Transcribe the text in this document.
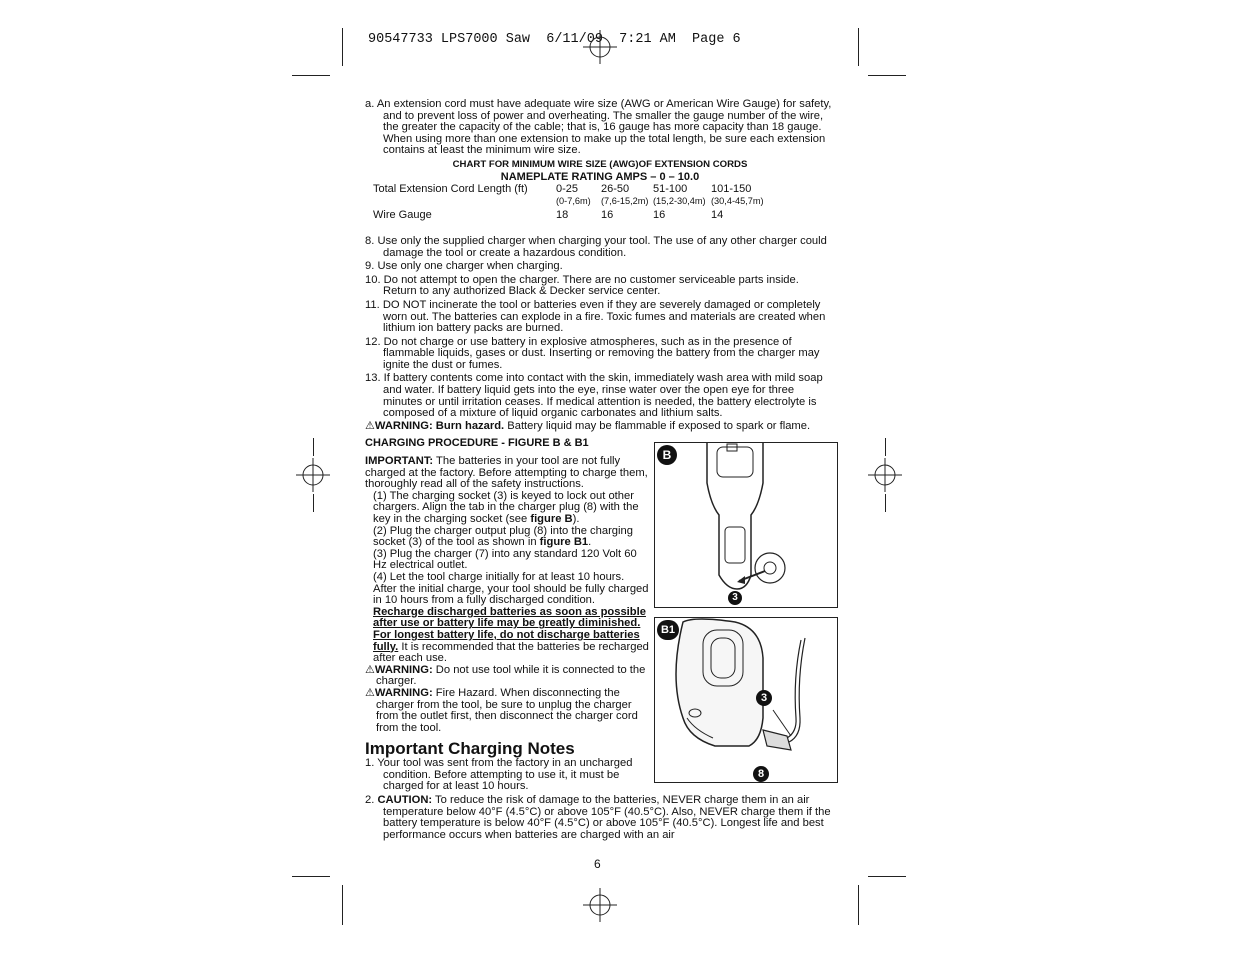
90547733 LPS7000 Saw  6/11/09  7:21 AM  Page 6

a. An extension cord must have adequate wire size (AWG or American Wire Gauge) for safety, and to prevent loss of power and overheating. The smaller the gauge number of the wire, the greater the capacity of the cable; that is, 16 gauge has more capacity than 18 gauge. When using more than one extension to make up the total length, be sure each extension contains at least the minimum wire size.

CHART FOR MINIMUM WIRE SIZE (AWG)OF EXTENSION CORDS
NAMEPLATE RATING AMPS – 0 – 10.0
Total Extension Cord Length (ft)	0-25	26-50	51-100	101-150
	(0-7,6m)	(7,6-15,2m)	(15,2-30,4m)	(30,4-45,7m)
Wire Gauge	18	16	16	14

8. Use only the supplied charger when charging your tool. The use of any other charger could damage the tool or create a hazardous condition.

9. Use only one charger when charging.

10. Do not attempt to open the charger. There are no customer serviceable parts inside. Return to any authorized Black & Decker service center.

11. DO NOT incinerate the tool or batteries even if they are severely damaged or completely worn out. The batteries can explode in a fire. Toxic fumes and materials are created when lithium ion battery packs are burned.

12. Do not charge or use battery in explosive atmospheres, such as in the presence of flammable liquids, gases or dust. Inserting or removing the battery from the charger may ignite the dust or fumes.

13. If battery contents come into contact with the skin, immediately wash area with mild soap and water. If battery liquid gets into the eye, rinse water over the open eye for three minutes or until irritation ceases. If medical attention is needed, the battery electrolyte is composed of a mixture of liquid organic carbonates and lithium salts.

⚠WARNING: Burn hazard. Battery liquid may be flammable if exposed to spark or flame.

CHARGING PROCEDURE - FIGURE B & B1

IMPORTANT: The batteries in your tool are not fully charged at the factory. Before attempting to charge them, thoroughly read all of the safety instructions.

(1) The charging socket (3) is keyed to lock out other chargers. Align the tab in the charger plug (8) with the key in the charging socket (see figure B).

(2) Plug the charger output plug (8) into the charging socket (3) of the tool as shown in figure B1.

(3) Plug the charger (7) into any standard 120 Volt 60 Hz electrical outlet.

(4) Let the tool charge initially for at least 10 hours. After the initial charge, your tool should be fully charged in 10 hours from a fully discharged condition.

Recharge discharged batteries as soon as possible after use or battery life may be greatly diminished. For longest battery life, do not discharge batteries fully. It is recommended that the batteries be recharged after each use.

⚠WARNING: Do not use tool while it is connected to the charger.

⚠WARNING: Fire Hazard. When disconnecting the charger from the tool, be sure to unplug the charger from the outlet first, then disconnect the charger cord from the tool.

Important Charging Notes

1. Your tool was sent from the factory in an uncharged condition. Before attempting to use it, it must be charged for at least 10 hours.

2. CAUTION: To reduce the risk of damage to the batteries, NEVER charge them in an air temperature below 40°F (4.5°C) or above 105°F (40.5°C). Also, NEVER charge them if the battery temperature is below 40°F (4.5°C) or above 105°F (40.5°C). Longest life and best performance occurs when batteries are charged with an air

B
3
B1
3
8
6
